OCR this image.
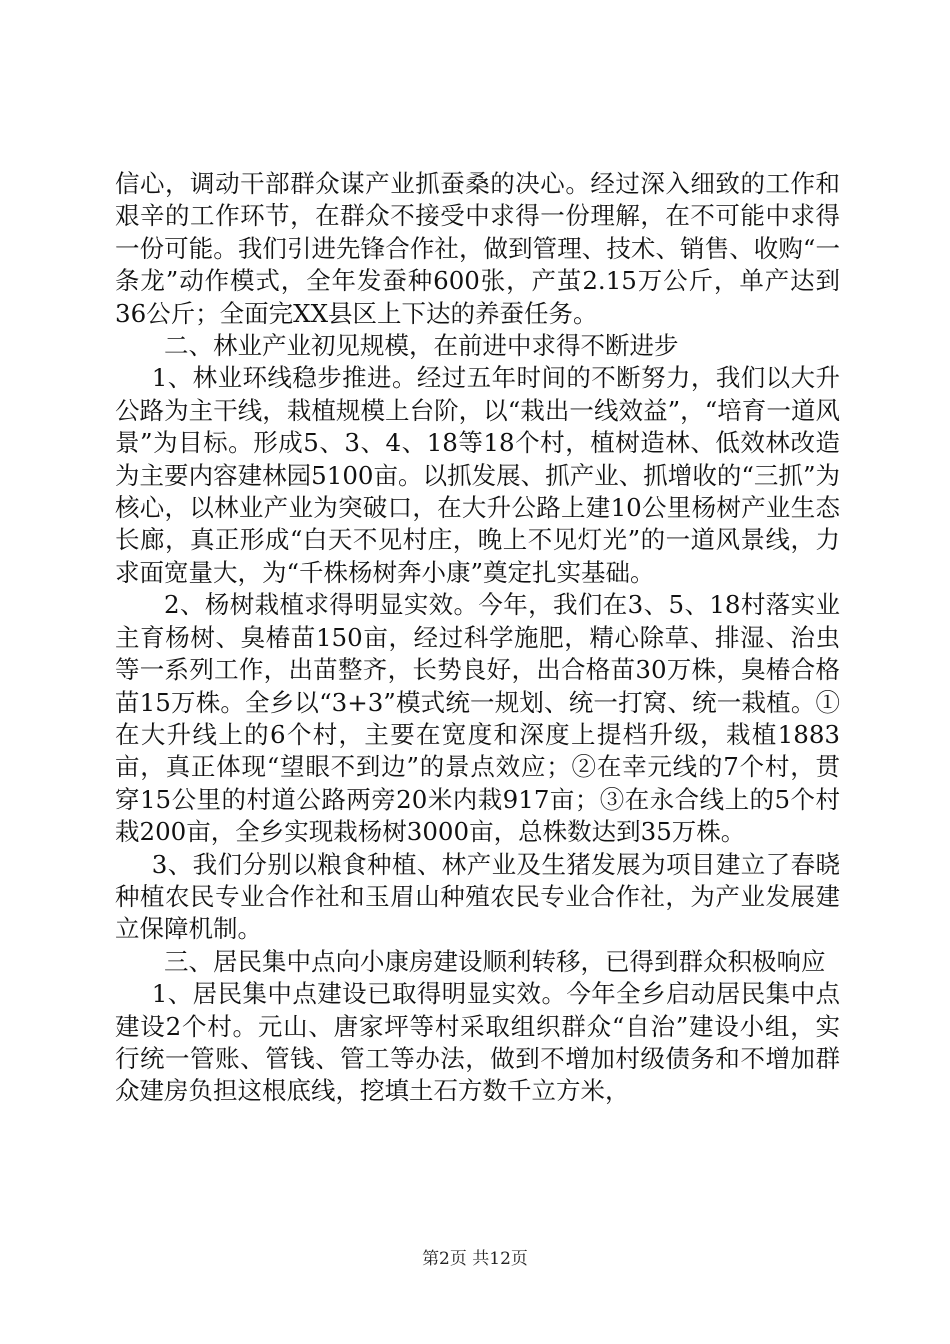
信心，调动干部群众谋产业抓蚕桑的决心。经过深入细致的工作和艰辛的工作环节，在群众不接受中求得一份理解，在不可能中求得一份可能。我们引进先锋合作社，做到管理、技术、销售、收购“一条龙”动作模式，全年发蚕种600张，产茧2.15万公斤，单产达到36公斤；全面完XX县区上下达的养蚕任务。

二、林业产业初见规模，在前进中求得不断进步

1、林业环线稳步推进。经过五年时间的不断努力，我们以大升公路为主干线，栽植规模上台阶，以“栽出一线效益”，“培育一道风景”为目标。形成5、3、4、18等18个村，植树造林、低效林改造为主要内容建林园5100亩。以抓发展、抓产业、抓增收的“三抓”为核心，以林业产业为突破口，在大升公路上建10公里杨树产业生态长廊，真正形成“白天不见村庄，晚上不见灯光”的一道风景线，力求面宽量大，为“千株杨树奔小康”奠定扎实基础。

2、杨树栽植求得明显实效。今年，我们在3、5、18村落实业主育杨树、臭椿苗150亩，经过科学施肥，精心除草、排湿、治虫等一系列工作，出苗整齐，长势良好，出合格苗30万株，臭椿合格苗15万株。全乡以“3+3”模式统一规划、统一打窝、统一栽植。①在大升线上的6个村，主要在宽度和深度上提档升级，栽植1883亩，真正体现“望眼不到边”的景点效应；②在幸元线的7个村，贯穿15公里的村道公路两旁20米内栽917亩；③在永合线上的5个村栽200亩，全乡实现栽杨树3000亩，总株数达到35万株。

3、我们分别以粮食种植、林产业及生猪发展为项目建立了春晓种植农民专业合作社和玉眉山种殖农民专业合作社，为产业发展建立保障机制。

三、居民集中点向小康房建设顺利转移，已得到群众积极响应

1、居民集中点建设已取得明显实效。今年全乡启动居民集中点建设2个村。元山、唐家坪等村采取组织群众“自治”建设小组，实行统一管账、管钱、管工等办法，做到不增加村级债务和不增加群众建房负担这根底线，挖填土石方数千立方米，

第2页 共12页
